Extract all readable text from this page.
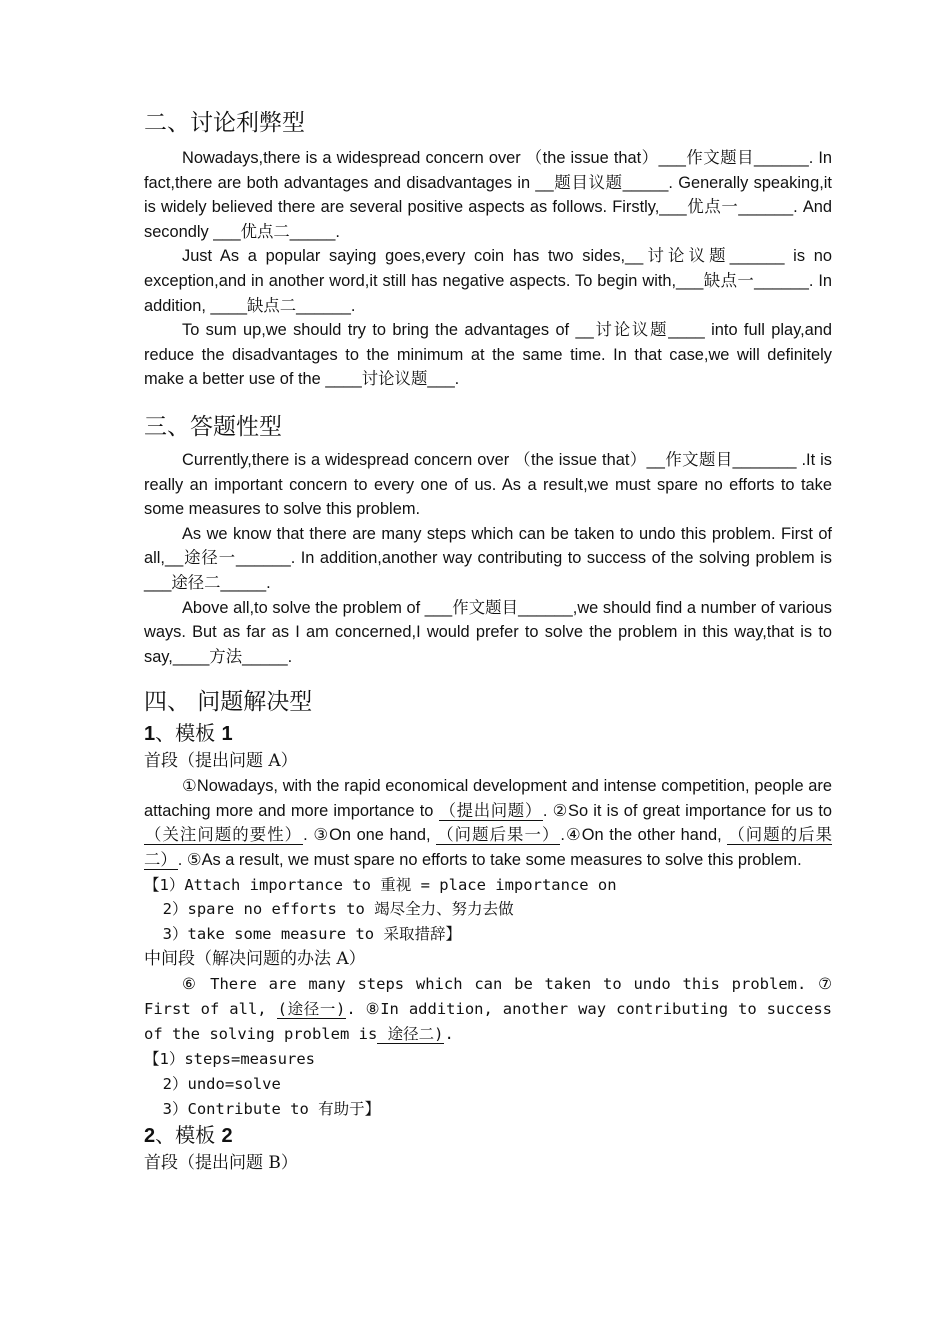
二、讨论利弊型

Nowadays,there is a widespread concern over （the issue that）___作文题目______. In fact,there are both advantages and disadvantages in __题目议题_____. Generally speaking,it is widely believed there are several positive aspects as follows. Firstly,___优点一______. And secondly ___优点二_____.

Just As a popular saying goes,every coin has two sides,__讨论议题______ is no exception,and in another word,it still has negative aspects. To begin with,___缺点一______. In addition, ____缺点二______.

To sum up,we should try to bring the advantages of __讨论议题____ into full play,and reduce the disadvantages to the minimum at the same time. In that case,we will definitely make a better use of the ____讨论议题___.

三、答题性型

Currently,there is a widespread concern over （the issue that）__作文题目_______ .It is really an important concern to every one of us. As a result,we must spare no efforts to take some measures to solve this problem.

As we know that there are many steps which can be taken to undo this problem. First of all,__途径一______. In addition,another way contributing to success of the solving problem is ___途径二_____.

Above all,to solve the problem of ___作文题目______,we should find a number of various ways. But as far as I am concerned,I would prefer to solve the problem in this way,that is to say,____方法_____.

四、 问题解决型

1、模板 1

首段（提出问题 A）

①Nowadays, with the rapid economical development and intense competition, people are attaching more and more importance to （提出问题）. ②So it is of great importance for us to （关注问题的要性）. ③On one hand, （问题后果一）.④On the other hand, （问题的后果二）. ⑤As a result, we must spare no efforts to take some measures to solve this problem.

【1）Attach importance to 重视 = place importance on

2）spare no efforts to 竭尽全力、努力去做

3）take some measure to 采取措辞】

中间段（解决问题的办法 A）

⑥ There are many steps which can be taken to undo this problem. ⑦ First of all, (途径一). ⑧In addition, another way contributing to success of the solving problem is 途径二).

【1）steps=measures

2）undo=solve

3）Contribute to 有助于】

2、模板 2

首段（提出问题 B）
